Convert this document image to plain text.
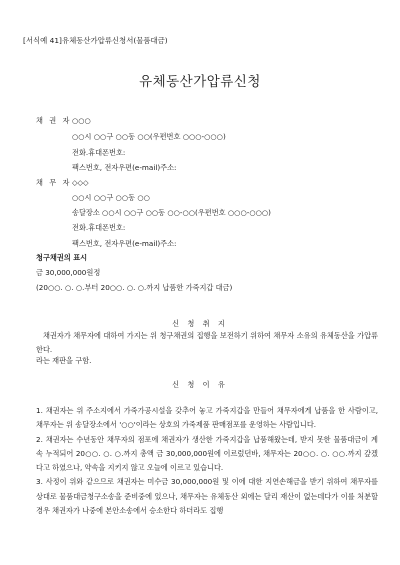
[서식예 41]유체동산가압류신청서(물품대금)
유체동산가압류신청
채 권 자 ○○○
○○시 ○○구 ○○동 ○○(우편번호 ○○○-○○○)
전화.휴대폰번호:
팩스번호, 전자우편(e-mail)주소:
채 무 자 ◇◇◇
○○시 ○○구 ○○동 ○○
송달장소 ○○시 ○○구 ○○동 ○○-○○(우편번호 ○○○-○○○)
전화.휴대폰번호:
팩스번호, 전자우편(e-mail)주소:
청구채권의 표시
금 30,000,000원정
(20○○. ○. ○.부터 20○○. ○. ○.까지 납품한 가죽지갑 대금)
신 청 취 지
채권자가 채무자에 대하여 가지는 위 청구채권의 집행을 보전하기 위하여 채무자 소유의 유체동산을 가압류한다.
라는 재판을 구함.
신 청 이 유

1. 채권자는 위 주소지에서 가죽가공시설을 갖추어 놓고 가죽지갑을 만들어 채무자에게 납품을 한 사람이고, 채무자는 위 송달장소에서 '○○'이라는 상호의 가죽제품 판매점포를 운영하는 사람입니다.

2. 채권자는 수년동안 채무자의 점포에 채권자가 생산한 가죽지갑을 납품해왔는데, 받지 못한 물품대금이 계속 누적되어 20○○. ○. ○.까지 총액 금 30,000,000원에 이르렀던바, 채무자는 20○○. ○. ○○.까지 갚겠다고 하였으나, 약속을 지키지 않고 오늘에 이르고 있습니다.

3. 사정이 위와 같으므로 채권자는 미수금 30,000,000원 및 이에 대한 지연손해금을 받기 위하여 채무자를 상대로 물품대금청구소송을 준비중에 있으나, 채무자는 유체동산 외에는 달리 재산이 없는데다가 이를 처분할 경우 채권자가 나중에 본안소송에서 승소한다 하더라도 집행
